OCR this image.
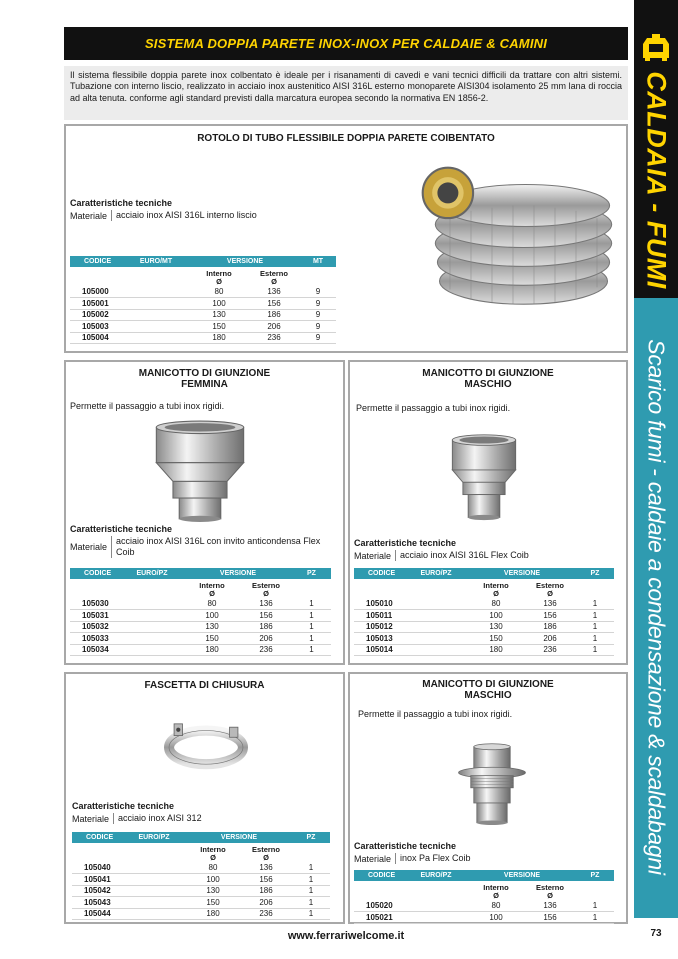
CALDAIA - FUMI
Scarico fumi - caldaie a condensazione & scaldabagni
73
SISTEMA DOPPIA PARETE INOX-INOX PER CALDAIE & CAMINI
Il sistema flessibile doppia parete inox colbentato è ideale per i risanamenti di cavedi e vani tecnici difficili da trattare con altri sistemi. Tubazione con interno liscio, realizzato in acciaio inox austenitico AISI 316L esterno monoparete AISI304 isolamento 25 mm lana di roccia ad alta tenuta. conforme agli standard previsti dalla marcatura europea secondo la normativa EN 1856-2.
ROTOLO DI TUBO FLESSIBILE DOPPIA PARETE COIBENTATO
Caratteristiche tecniche
Materiale	acciaio inox AISI 316L interno liscio
CODICE	EURO/MT	VERSIONE		MT
		Interno
Ø	Esterno
Ø	
105000		80	136	9
105001		100	156	9
105002		130	186	9
105003		150	206	9
105004		180	236	9
MANICOTTO DI GIUNZIONE FEMMINA
Permette il passaggio a tubi inox rigidi.
Caratteristiche tecniche
Materiale
acciaio inox AISI 316L con invito anticondensa Flex Coib
CODICE	EURO/PZ	VERSIONE		PZ
		Interno
Ø	Esterno
Ø	
105030		80	136	1
105031		100	156	1
105032		130	186	1
105033		150	206	1
105034		180	236	1
MANICOTTO DI GIUNZIONE MASCHIO
Permette il passaggio a tubi inox rigidi.
Caratteristiche tecniche
Materiale	acciaio inox AISI 316L Flex Coib
CODICE	EURO/PZ	VERSIONE		PZ
		Interno
Ø	Esterno
Ø	
105010		80	136	1
105011		100	156	1
105012		130	186	1
105013		150	206	1
105014		180	236	1
FASCETTA DI CHIUSURA
Caratteristiche tecniche
Materiale	acciaio inox AISI 312
CODICE	EURO/PZ	VERSIONE		PZ
		Interno
Ø	Esterno
Ø	
105040		80	136	1
105041		100	156	1
105042		130	186	1
105043		150	206	1
105044		180	236	1
MANICOTTO DI GIUNZIONE MASCHIO
Permette il passaggio a tubi inox rigidi.
Caratteristiche tecniche
Materiale	inox Pa Flex Coib
CODICE	EURO/PZ	VERSIONE		PZ
		Interno
Ø	Esterno
Ø	
105020		80	136	1
105021		100	156	1
www.ferrariwelcome.it
